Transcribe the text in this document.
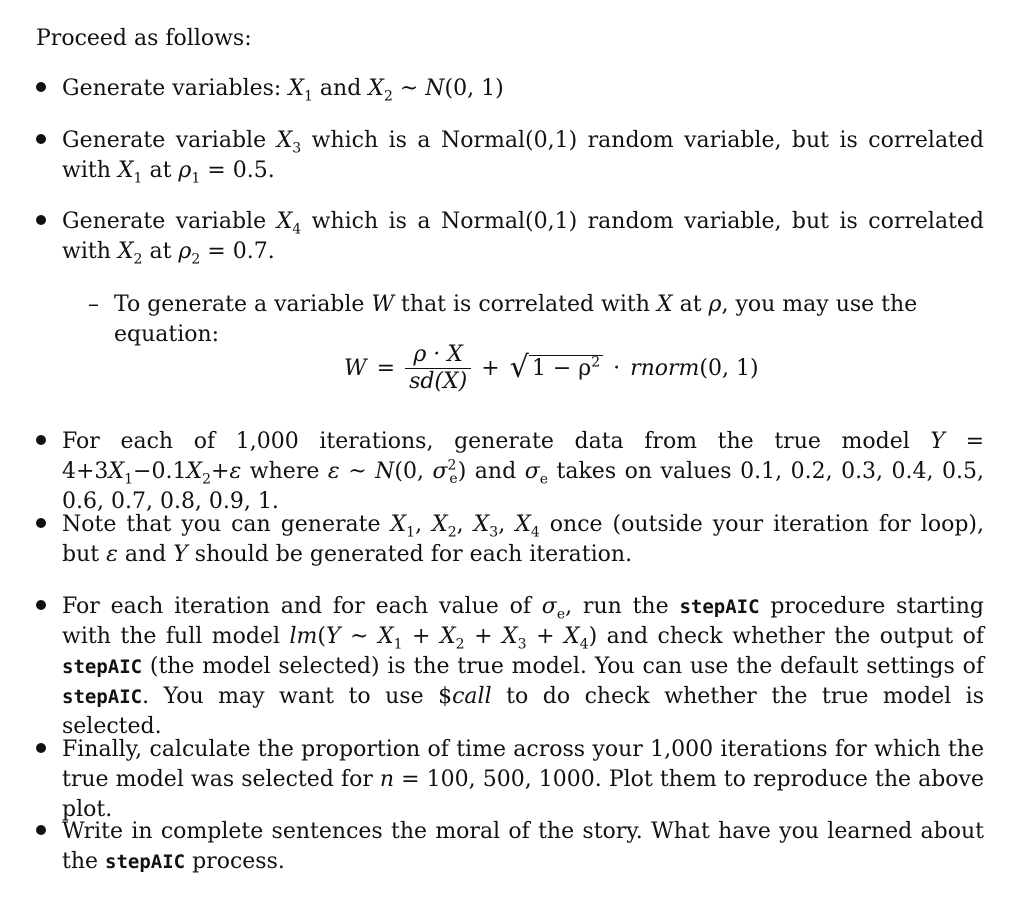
Proceed as follows:
Generate variables: $X_1$ and $X_2$ ~ N(0, 1)
Generate variable $X_3$ which is a Normal(0,1) random variable, but is correlated with $X_1$ at $\rho_1 = 0.5$.
Generate variable $X_4$ which is a Normal(0,1) random variable, but is correlated with $X_2$ at $\rho_2 = 0.7$.
– To generate a variable W that is correlated with X at ρ, you may use the equation:
$W = \frac{\rho \cdot X}{sd(X)}$ + √ $1 - \rho^2$ · rnorm(0, 1)
For each of 1,000 iterations, generate data from the true model $Y = 4+3X_1-0.1X_2+\varepsilon$ where ε ~ N(0, $\sigma^2_e$) and $\sigma_e$ takes on values 0.1, 0.2, 0.3, 0.4, 0.5, 0.6, 0.7, 0.8, 0.9, 1.
Note that you can generate $X_1$, $X_2$, $X_3$, $X_4$ once (outside your iteration for loop), but ε and Y should be generated for each iteration.
For each iteration and for each value of $\sigma_e$, run the stepAIC procedure starting with the full model lm(Y ~ $X_1 + X_2 + X_3 + X_4$) and check whether the output of stepAIC (the model selected) is the true model. You can use the default settings of stepAIC. You may want to use $call to do check whether the true model is selected.
Finally, calculate the proportion of time across your 1,000 iterations for which the true model was selected for n = 100, 500, 1000. Plot them to reproduce the above plot.
Write in complete sentences the moral of the story. What have you learned about the stepAIC process.
